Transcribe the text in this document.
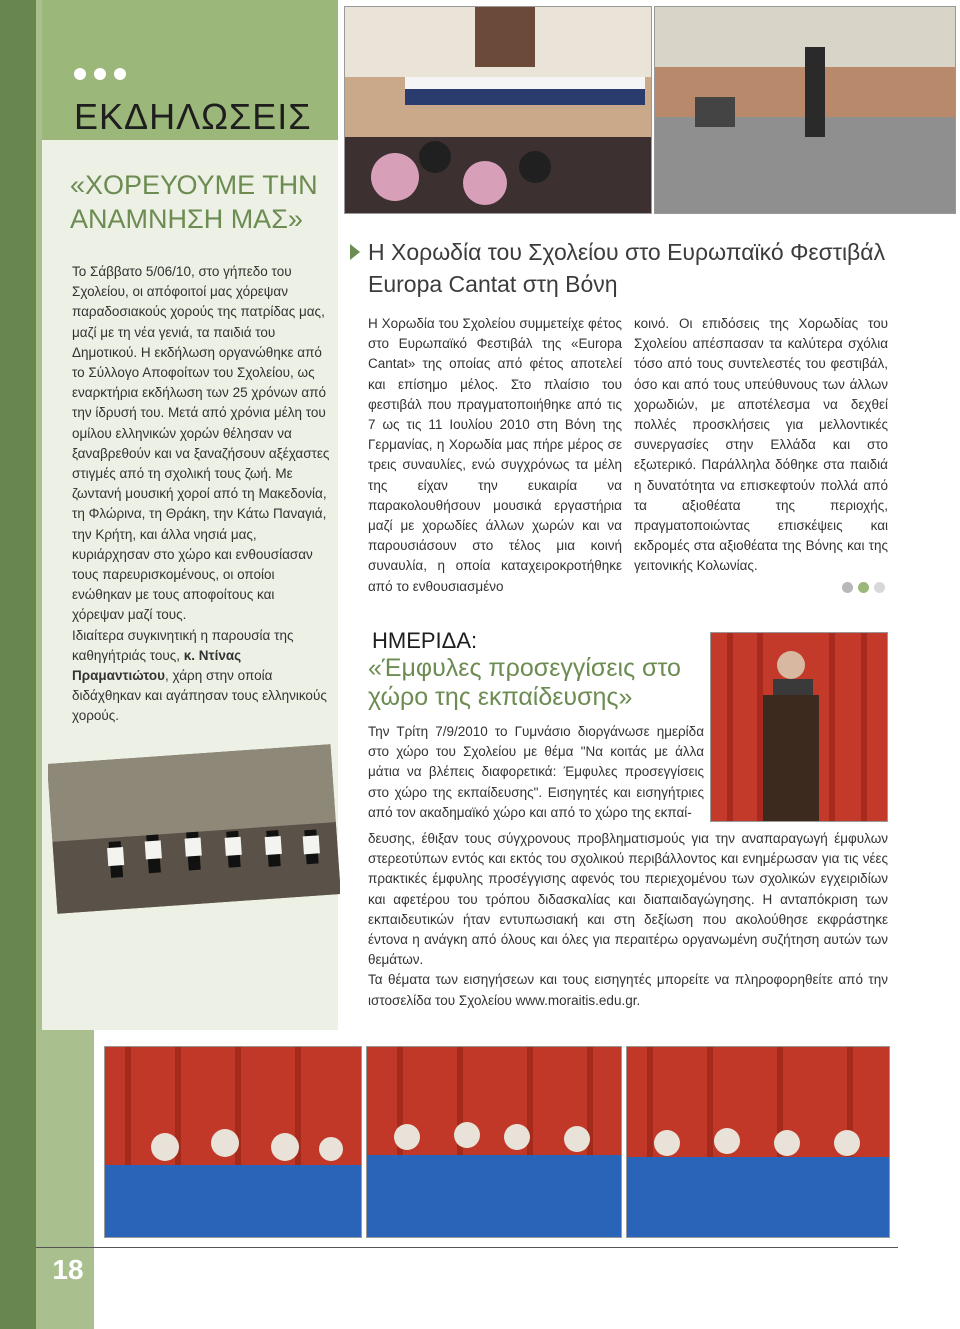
ΕΚΔΗΛΩΣΕΙΣ
«ΧΟΡΕΥΟΥΜΕ ΤΗΝ ΑΝΑΜΝΗΣΗ ΜΑΣ»
Το Σάββατο 5/06/10, στο γήπεδο του Σχολείου, οι απόφοιτοί μας χόρεψαν παραδοσιακούς χορούς της πατρίδας μας, μαζί με τη νέα γενιά, τα παιδιά του Δημοτικού. Η εκδήλωση οργανώθηκε από το Σύλλογο Αποφοίτων του Σχολείου, ως εναρκτήρια εκδήλωση των 25 χρόνων από την ίδρυσή του. Μετά από χρόνια μέλη του ομίλου ελληνικών χορών θέλησαν να ξαναβρεθούν και να ξαναζήσουν αξέχαστες στιγμές από τη σχολική τους ζωή. Με ζωντανή μουσική χοροί από τη Μακεδονία, τη Φλώρινα, τη Θράκη, την Κάτω Παναγιά, την Κρήτη, και άλλα νησιά μας, κυριάρχησαν στο χώρο και ενθουσίασαν τους παρευρισκομένους, οι οποίοι ενώθηκαν με τους αποφοίτους και χόρεψαν μαζί τους.
Ιδιαίτερα συγκινητική η παρουσία της καθηγήτριάς τους, κ. Ντίνας Πραμαντιώτου, χάρη στην οποία διδάχθηκαν και αγάπησαν τους ελληνικούς χορούς.
Η Χορωδία του Σχολείου στο Ευρωπαϊκό Φεστιβάλ Europa Cantat στη Βόνη
Η Χορωδία του Σχολείου συμμετείχε φέτος στο Ευρωπαϊκό Φεστιβάλ της «Europa Cantat» της οποίας από φέτος αποτελεί και επίσημο μέλος. Στο πλαίσιο του φεστιβάλ που πραγματοποιήθηκε από τις 7 ως τις 11 Ιουλίου 2010 στη Βόνη της Γερμανίας, η Χορωδία μας πήρε μέρος σε τρεις συναυλίες, ενώ συγχρόνως τα μέλη της είχαν την ευκαιρία να παρακολουθήσουν μουσικά εργαστήρια μαζί με χορωδίες άλλων χωρών και να παρουσιάσουν στο τέλος μια κοινή συναυλία, η οποία καταχειροκροτήθηκε από το ενθουσιασμένο
κοινό. Οι επιδόσεις της Χορωδίας του Σχολείου απέσπασαν τα καλύτερα σχόλια τόσο από τους συντελεστές του φεστιβάλ, όσο και από τους υπεύθυνους των άλλων χορωδιών, με αποτέλεσμα να δεχθεί πολλές προσκλήσεις για μελλοντικές συνεργασίες στην Ελλάδα και στο εξωτερικό. Παράλληλα δόθηκε στα παιδιά η δυνατότητα να επισκεφτούν πολλά από τα αξιοθέατα της περιοχής, πραγματοποιώντας επισκέψεις και εκδρομές στα αξιοθέατα της Βόνης και της γειτονικής Κολωνίας.
ΗΜΕΡΙΔΑ:
«Έμφυλες προσεγγίσεις στο χώρο της εκπαίδευσης»
Την Τρίτη 7/9/2010 το Γυμνάσιο διοργάνωσε ημερίδα στο χώρο του Σχολείου με θέμα "Να κοιτάς με άλλα μάτια να βλέπεις διαφορετικά: Έμφυλες προσεγγίσεις στο χώρο της εκπαίδευσης". Εισηγητές και εισηγήτριες από τον ακαδημαϊκό χώρο και από το χώρο της εκπαί-
δευσης, έθιξαν τους σύγχρονους προβληματισμούς για την αναπαραγωγή έμφυλων στερεοτύπων εντός και εκτός του σχολικού περιβάλλοντος και ενημέρωσαν για τις νέες πρακτικές έμφυλης προσέγγισης αφενός του περιεχομένου των σχολικών εγχειριδίων και αφετέρου του τρόπου διδασκαλίας και διαπαιδαγώγησης. Η ανταπόκριση των εκπαιδευτικών ήταν εντυπωσιακή και στη δεξίωση που ακολούθησε εκφράστηκε έντονα η ανάγκη από όλους και όλες για περαιτέρω οργανωμένη συζήτηση αυτών των θεμάτων.
Τα θέματα των εισηγήσεων και τους εισηγητές μπορείτε να πληροφορηθείτε από την ιστοσελίδα του Σχολείου www.moraitis.edu.gr.
18
